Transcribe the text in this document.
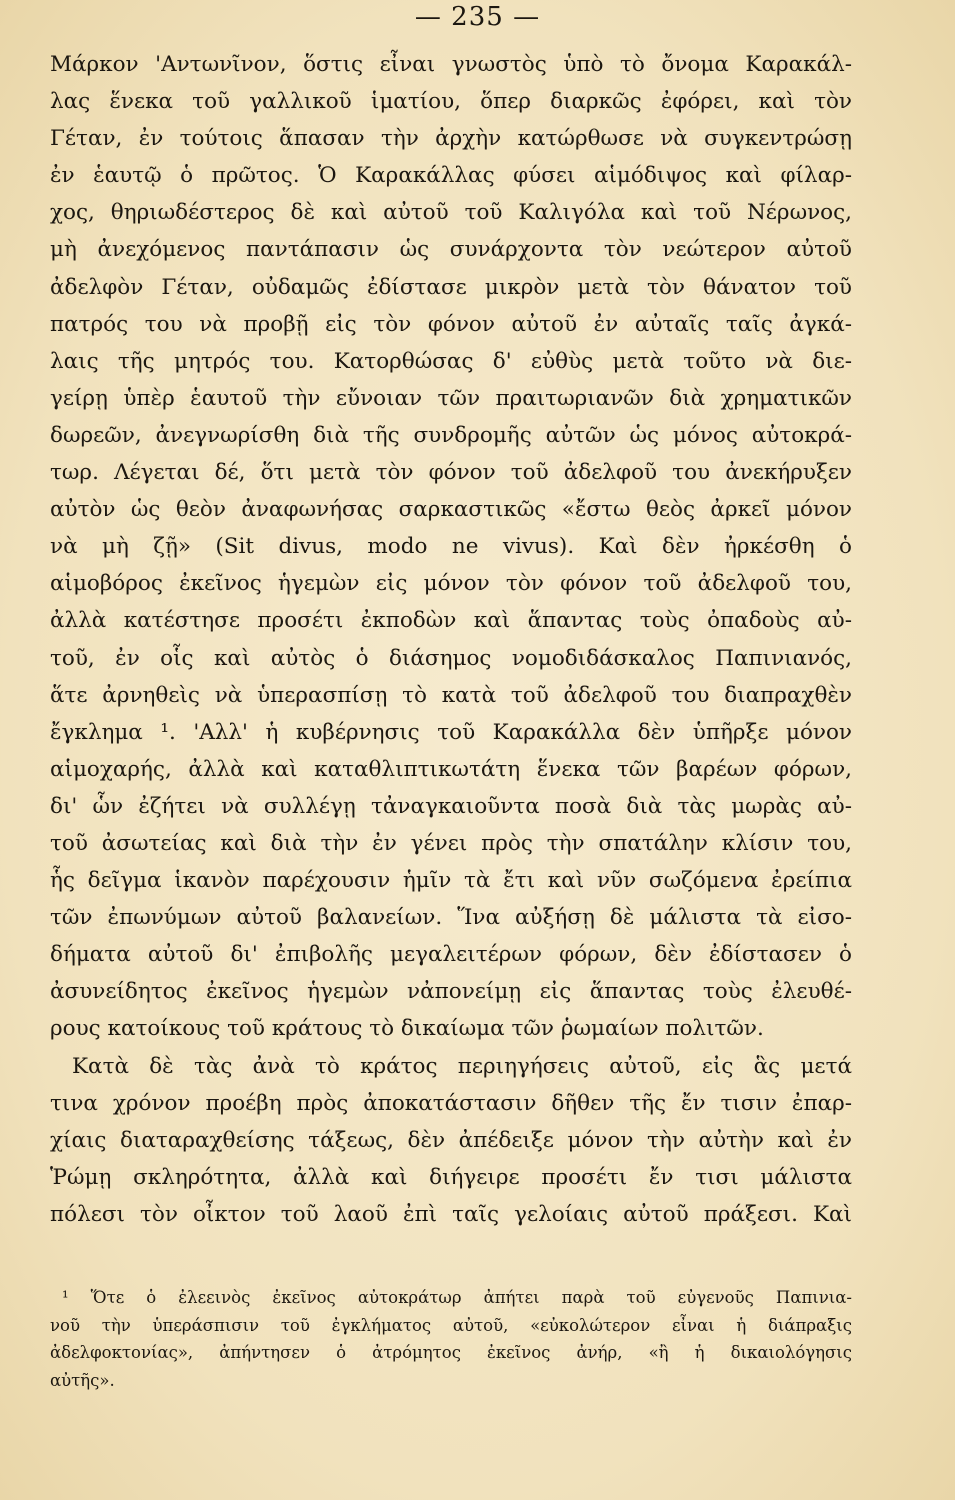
— 235 —
Μάρκον 'Αντωνῖνον, ὅστις εἶναι γνωστὸς ὑπὸ τὸ ὄνομα Καρακάλ-
λας ἕνεκα τοῦ γαλλικοῦ ἱματίου, ὅπερ διαρκῶς ἐφόρει, καὶ τὸν
Γέταν, ἐν τούτοις ἅπασαν τὴν ἀρχὴν κατώρθωσε νὰ συγκεντρώσῃ
ἐν ἑαυτῷ ὁ πρῶτος. Ὁ Καρακάλλας φύσει αἱμόδιψος καὶ φίλαρ-
χος, θηριωδέστερος δὲ καὶ αὐτοῦ τοῦ Καλιγόλα καὶ τοῦ Νέρωνος,
μὴ ἀνεχόμενος παντάπασιν ὡς συνάρχοντα τὸν νεώτερον αὐτοῦ
ἀδελφὸν Γέταν, οὐδαμῶς ἐδίστασε μικρὸν μετὰ τὸν θάνατον τοῦ
πατρός του νὰ προβῇ εἰς τὸν φόνον αὐτοῦ ἐν αὐταῖς ταῖς ἀγκά-
λαις τῆς μητρός του. Κατορθώσας δ' εὐθὺς μετὰ τοῦτο νὰ διε-
γείρῃ ὑπὲρ ἑαυτοῦ τὴν εὔνοιαν τῶν πραιτωριανῶν διὰ χρηματικῶν
δωρεῶν, ἀνεγνωρίσθη διὰ τῆς συνδρομῆς αὐτῶν ὡς μόνος αὐτοκρά-
τωρ. Λέγεται δέ, ὅτι μετὰ τὸν φόνον τοῦ ἀδελφοῦ του ἀνεκήρυξεν
αὐτὸν ὡς θεὸν ἀναφωνήσας σαρκαστικῶς «ἔστω θεὸς ἀρκεῖ μόνον
νὰ μὴ ζῇ» (Sit divus, modo ne vivus). Καὶ δὲν ἠρκέσθη ὁ
αἱμοβόρος ἐκεῖνος ἡγεμὼν εἰς μόνον τὸν φόνον τοῦ ἀδελφοῦ του,
ἀλλὰ κατέστησε προσέτι ἐκποδὼν καὶ ἅπαντας τοὺς ὀπαδοὺς αὐ-
τοῦ, ἐν οἷς καὶ αὐτὸς ὁ διάσημος νομοδιδάσκαλος Παπινιανός,
ἅτε ἀρνηθεὶς νὰ ὑπερασπίσῃ τὸ κατὰ τοῦ ἀδελφοῦ του διαπραχθὲν
ἔγκλημα ¹. 'Αλλ' ἡ κυβέρνησις τοῦ Καρακάλλα δὲν ὑπῆρξε μόνον
αἱμοχαρής, ἀλλὰ καὶ καταθλιπτικωτάτη ἕνεκα τῶν βαρέων φόρων,
δι' ὧν ἐζήτει νὰ συλλέγῃ τἀναγκαιοῦντα ποσὰ διὰ τὰς μωρὰς αὐ-
τοῦ ἀσωτείας καὶ διὰ τὴν ἐν γένει πρὸς τὴν σπατάλην κλίσιν του,
ἧς δεῖγμα ἱκανὸν παρέχουσιν ἡμῖν τὰ ἔτι καὶ νῦν σωζόμενα ἐρείπια
τῶν ἐπωνύμων αὐτοῦ βαλανείων. Ἵνα αὐξήσῃ δὲ μάλιστα τὰ εἰσο-
δήματα αὐτοῦ δι' ἐπιβολῆς μεγαλειτέρων φόρων, δὲν ἐδίστασεν ὁ
ἀσυνείδητος ἐκεῖνος ἡγεμὼν νἀπονείμῃ εἰς ἅπαντας τοὺς ἐλευθέ-
ρους κατοίκους τοῦ κράτους τὸ δικαίωμα τῶν ῥωμαίων πολιτῶν.
Κατὰ δὲ τὰς ἀνὰ τὸ κράτος περιηγήσεις αὐτοῦ, εἰς ἃς μετά
τινα χρόνον προέβη πρὸς ἀποκατάστασιν δῆθεν τῆς ἔν τισιν ἐπαρ-
χίαις διαταραχθείσης τάξεως, δὲν ἀπέδειξε μόνον τὴν αὐτὴν καὶ ἐν
Ῥώμῃ σκληρότητα, ἀλλὰ καὶ διήγειρε προσέτι ἔν τισι μάλιστα
πόλεσι τὸν οἶκτον τοῦ λαοῦ ἐπὶ ταῖς γελοίαις αὐτοῦ πράξεσι. Καὶ
¹ Ὅτε ὁ ἐλεεινὸς ἐκεῖνος αὐτοκράτωρ ἀπήτει παρὰ τοῦ εὐγενοῦς Παπινια-
νοῦ τὴν ὑπεράσπισιν τοῦ ἐγκλήματος αὐτοῦ, «εὐκολώτερον εἶναι ἡ διάπραξις
ἀδελφοκτονίας», ἀπήντησεν ὁ ἀτρόμητος ἐκεῖνος ἀνήρ, «ἢ ἡ δικαιολόγησις
αὐτῆς».
